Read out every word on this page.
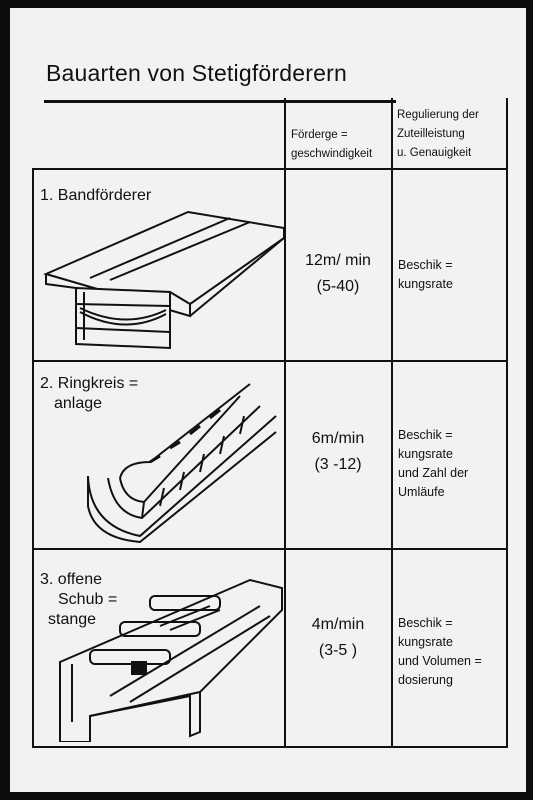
Bauarten von Stetigförderern
Förderge =
geschwindigkeit
Regulierung der
Zuteilleistung
u. Genauigkeit
1. Bandförderer
12m/ min
(5-40)
Beschik =
kungsrate
2. Ringkreis =
anlage
6m/min
(3 -12)
Beschik =
kungsrate
und Zahl der
Umläufe
3. offene
Schub =
stange	4m/min
(3-5 )
Beschik =
kungsrate
und Volumen =
dosierung
